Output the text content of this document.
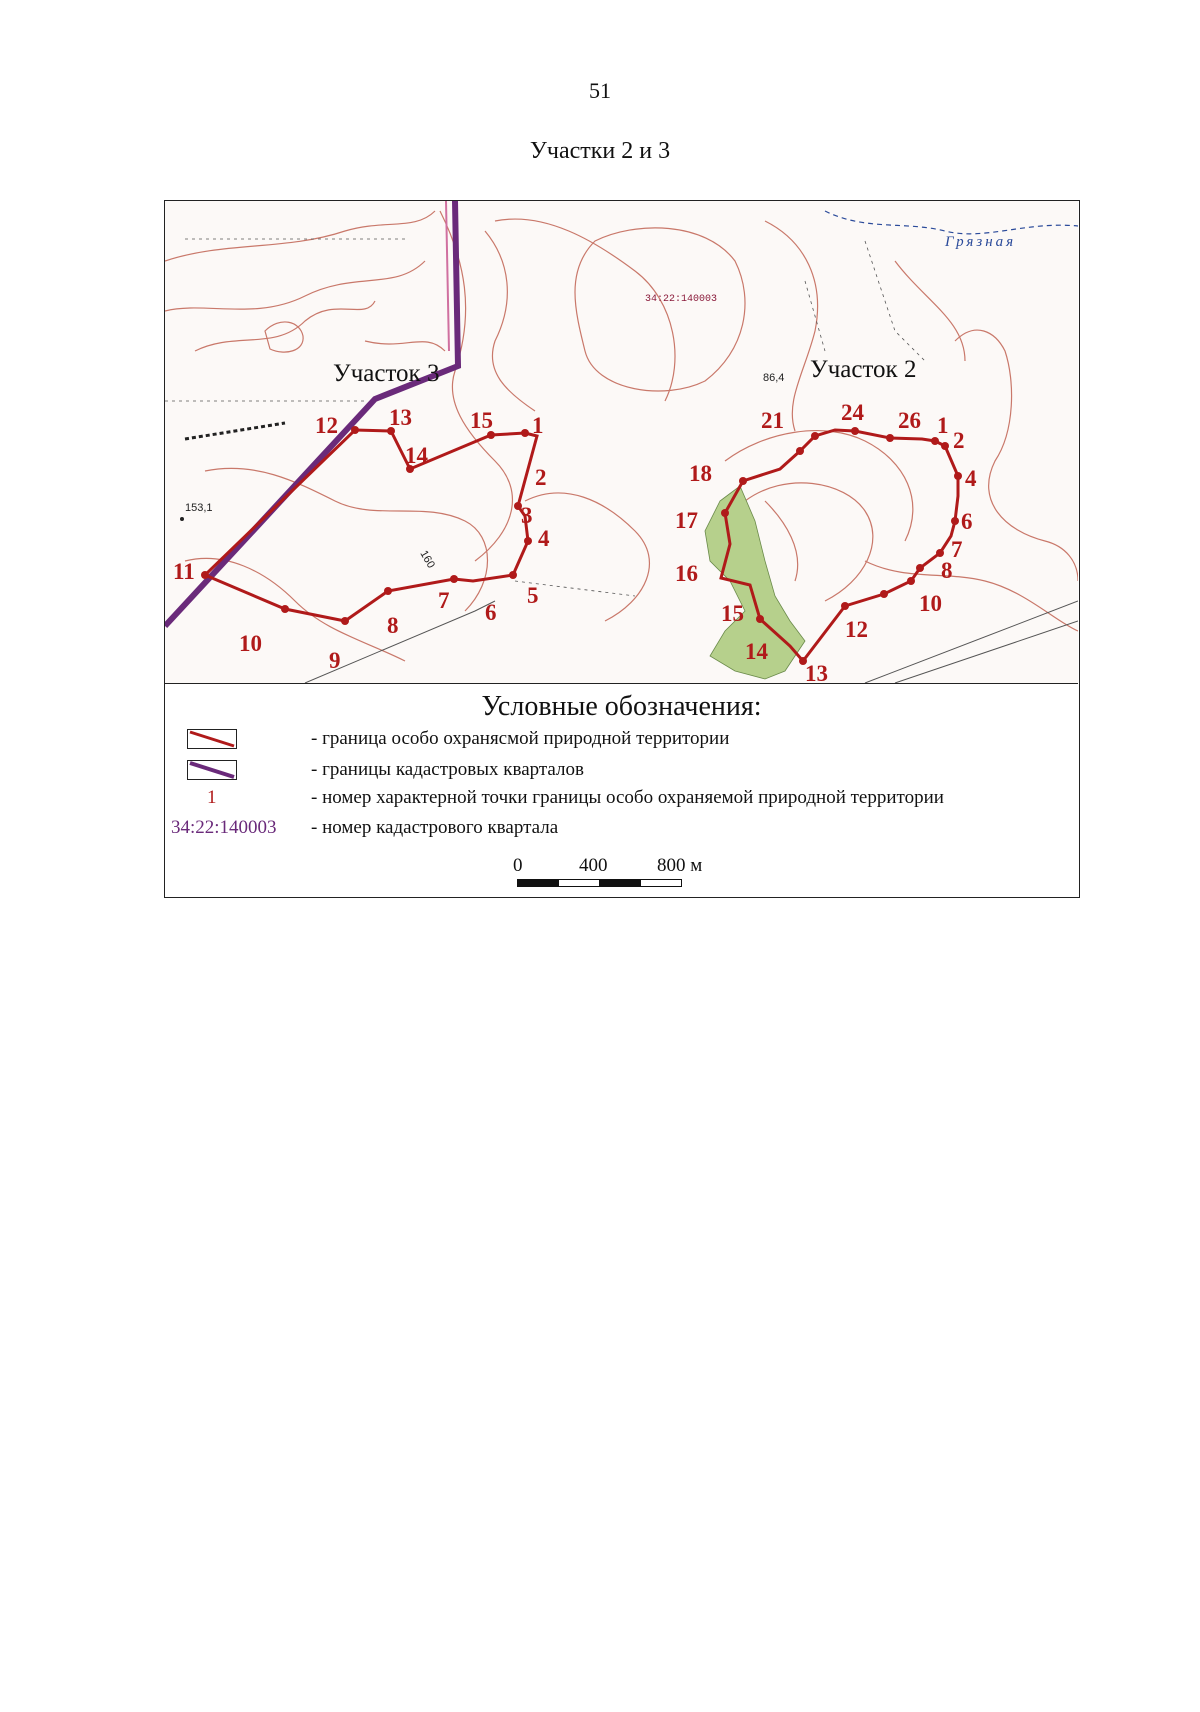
51
Участки 2 и 3
34:22:140003
Грязная
86,4
153,1
160
Участок 3	Участок 2
1
2
3
4
5
6
7
8
9
10
11
12 13
14
15	1
2
4
6
7
8
10
12
13
14
15
16
17
18
21 24 26
Условные обозначения:
- граница особо охранясмой природной территории
- границы кадастровых кварталов
1	- номер характерной точки границы особо охраняемой природной территории
34:22:140003 - номер кадастрового квартала
0	400	800 м
